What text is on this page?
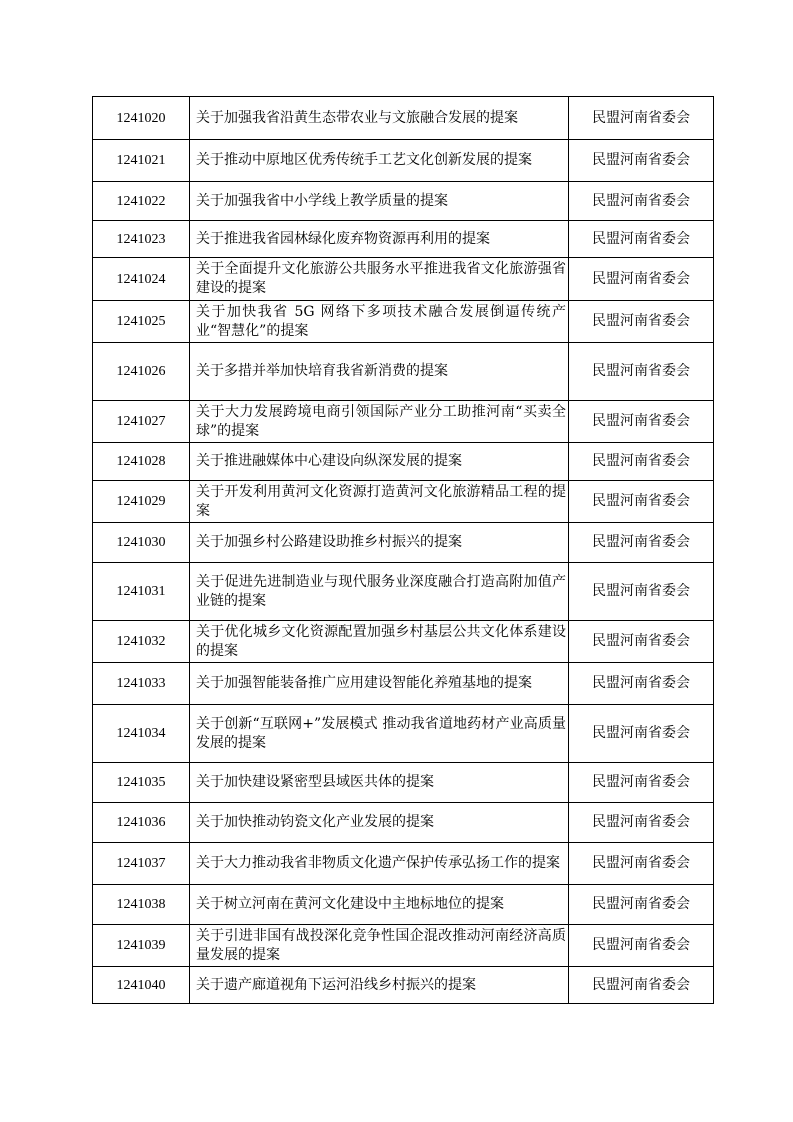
1241020	关于加强我省沿黄生态带农业与文旅融合发展的提案	民盟河南省委会
1241021	关于推动中原地区优秀传统手工艺文化创新发展的提案	民盟河南省委会
1241022	关于加强我省中小学线上教学质量的提案	民盟河南省委会
1241023	关于推进我省园林绿化废弃物资源再利用的提案	民盟河南省委会
1241024	关于全面提升文化旅游公共服务水平推进我省文化旅游强省建设的提案	民盟河南省委会
1241025	关于加快我省 5G 网络下多项技术融合发展倒逼传统产业“智慧化”的提案	民盟河南省委会
1241026	关于多措并举加快培育我省新消费的提案	民盟河南省委会
1241027	关于大力发展跨境电商引领国际产业分工助推河南“买卖全球”的提案	民盟河南省委会
1241028	关于推进融媒体中心建设向纵深发展的提案	民盟河南省委会
1241029	关于开发利用黄河文化资源打造黄河文化旅游精品工程的提案	民盟河南省委会
1241030	关于加强乡村公路建设助推乡村振兴的提案	民盟河南省委会
1241031	关于促进先进制造业与现代服务业深度融合打造高附加值产业链的提案	民盟河南省委会
1241032	关于优化城乡文化资源配置加强乡村基层公共文化体系建设的提案	民盟河南省委会
1241033	关于加强智能装备推广应用建设智能化养殖基地的提案	民盟河南省委会
1241034	关于创新“互联网+”发展模式 推动我省道地药材产业高质量发展的提案	民盟河南省委会
1241035	关于加快建设紧密型县域医共体的提案	民盟河南省委会
1241036	关于加快推动钧瓷文化产业发展的提案	民盟河南省委会
1241037	关于大力推动我省非物质文化遗产保护传承弘扬工作的提案	民盟河南省委会
1241038	关于树立河南在黄河文化建设中主地标地位的提案	民盟河南省委会
1241039	关于引进非国有战投深化竞争性国企混改推动河南经济高质量发展的提案	民盟河南省委会
1241040	关于遗产廊道视角下运河沿线乡村振兴的提案	民盟河南省委会
